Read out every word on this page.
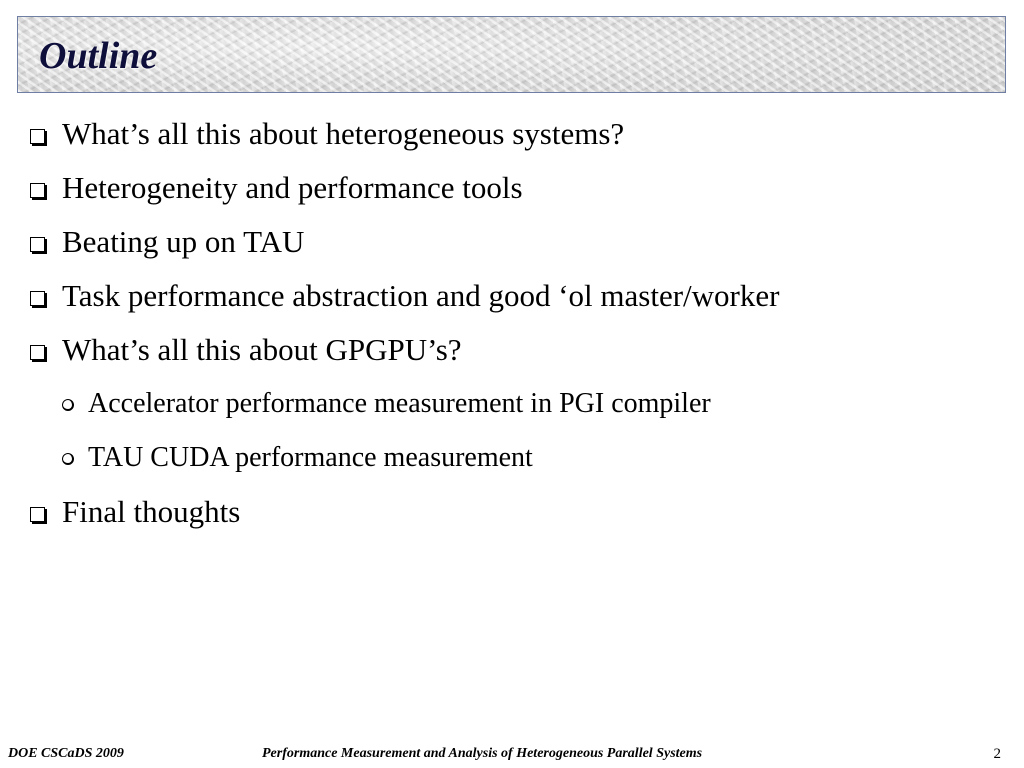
Outline
What’s all this about heterogeneous systems?
Heterogeneity and performance tools
Beating up on TAU
Task performance abstraction and good ‘ol master/worker
What’s all this about GPGPU’s?
Accelerator performance measurement in PGI compiler
TAU CUDA performance measurement
Final thoughts
DOE CSCaDS 2009	Performance Measurement and Analysis of Heterogeneous Parallel Systems	2
